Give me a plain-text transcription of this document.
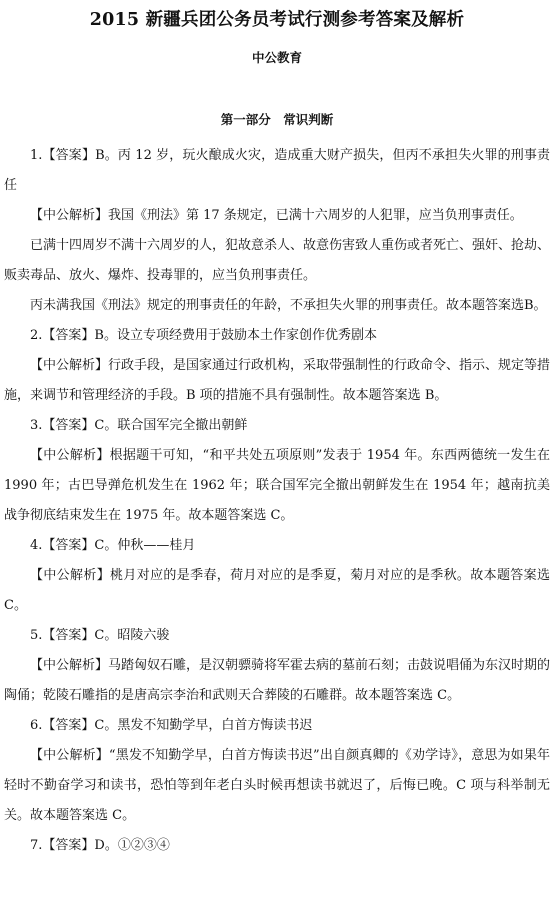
2015 新疆兵团公务员考试行测参考答案及解析
中公教育
第一部分　常识判断

1.【答案】B。丙 12 岁，玩火酿成火灾，造成重大财产损失，但丙不承担失火罪的刑事责任

【中公解析】我国《刑法》第 17 条规定，已满十六周岁的人犯罪，应当负刑事责任。

已满十四周岁不满十六周岁的人，犯故意杀人、故意伤害致人重伤或者死亡、强奸、抢劫、贩卖毒品、放火、爆炸、投毒罪的，应当负刑事责任。

丙未满我国《刑法》规定的刑事责任的年龄，不承担失火罪的刑事责任。故本题答案选B。

2.【答案】B。设立专项经费用于鼓励本土作家创作优秀剧本

【中公解析】行政手段，是国家通过行政机构，采取带强制性的行政命令、指示、规定等措施，来调节和管理经济的手段。B 项的措施不具有强制性。故本题答案选 B。

3.【答案】C。联合国军完全撤出朝鲜

【中公解析】根据题干可知，“和平共处五项原则”发表于 1954 年。东西两德统一发生在 1990 年；古巴导弹危机发生在 1962 年；联合国军完全撤出朝鲜发生在 1954 年；越南抗美战争彻底结束发生在 1975 年。故本题答案选 C。

4.【答案】C。仲秋——桂月

【中公解析】桃月对应的是季春，荷月对应的是季夏，菊月对应的是季秋。故本题答案选 C。

5.【答案】C。昭陵六骏

【中公解析】马踏匈奴石雕，是汉朝骠骑将军霍去病的墓前石刻；击鼓说唱俑为东汉时期的陶俑；乾陵石雕指的是唐高宗李治和武则天合葬陵的石雕群。故本题答案选 C。

6.【答案】C。黑发不知勤学早，白首方悔读书迟

【中公解析】“黑发不知勤学早，白首方悔读书迟”出自颜真卿的《劝学诗》，意思为如果年轻时不勤奋学习和读书，恐怕等到年老白头时候再想读书就迟了，后悔已晚。C 项与科举制无关。故本题答案选 C。

7.【答案】D。①②③④
